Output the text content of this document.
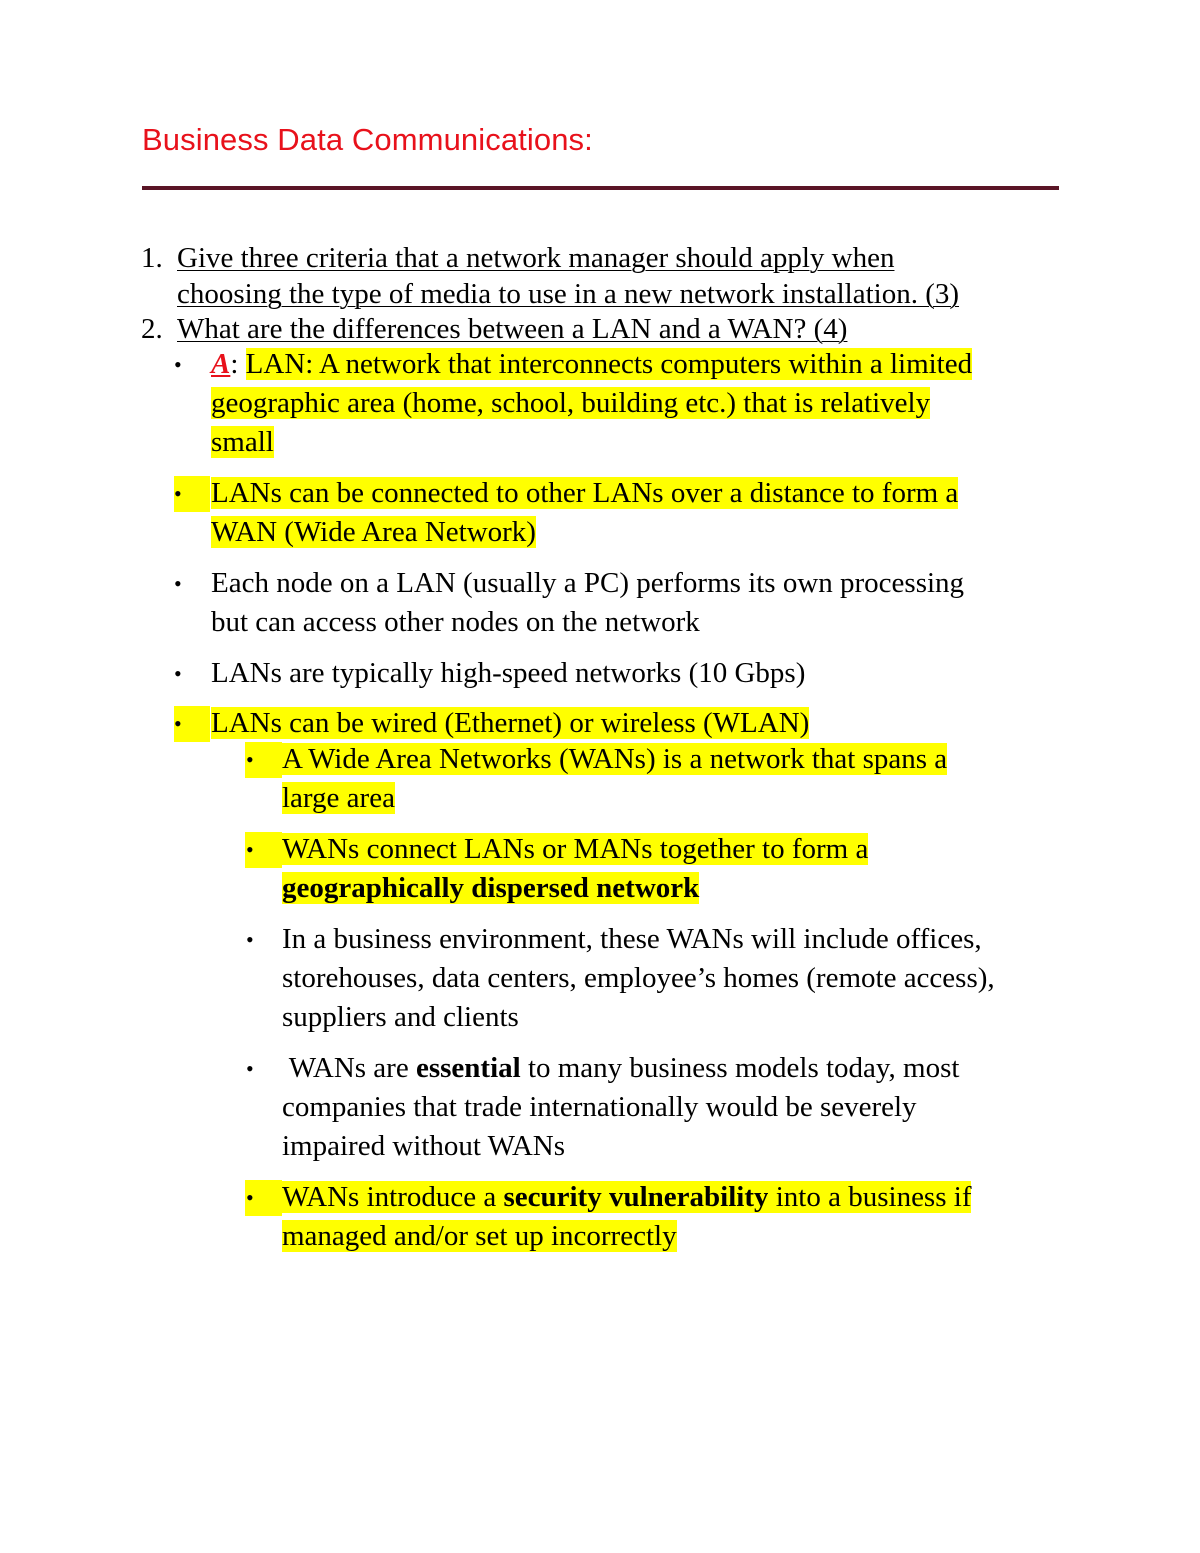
Business Data Communications:
1. Give three criteria that a network manager should apply when
choosing the type of media to use in a new network installation. (3)
2. What are the differences between a LAN and a WAN? (4)
• A: LAN: A network that interconnects computers within a limited
geographic area (home, school, building etc.) that is relatively
small
• LANs can be connected to other LANs over a distance to form a
WAN (Wide Area Network)
• Each node on a LAN (usually a PC) performs its own processing
but can access other nodes on the network
• LANs are typically high-speed networks (10 Gbps)
• LANs can be wired (Ethernet) or wireless (WLAN)
• A Wide Area Networks (WANs) is a network that spans a
large area
• WANs connect LANs or MANs together to form a
geographically dispersed network
• In a business environment, these WANs will include offices,
storehouses, data centers, employee’s homes (remote access),
suppliers and clients
• WANs are essential to many business models today, most
companies that trade internationally would be severely
impaired without WANs
• WANs introduce a security vulnerability into a business if
managed and/or set up incorrectly
